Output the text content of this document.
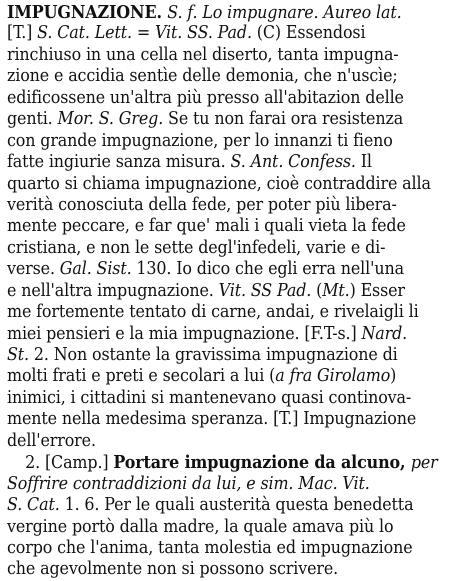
IMPUGNAZIONE. S. f. Lo impugnare. Aureo lat.
[T.] S. Cat. Lett. = Vit. SS. Pad. (C) Essendosi
rinchiuso in una cella nel diserto, tanta impugna-
zione e accidia sentìe delle demonia, che n'uscìe;
edificossene un'altra più presso all'abitazion delle
genti. Mor. S. Greg. Se tu non farai ora resistenza
con grande impugnazione, per lo innanzi ti fieno
fatte ingiurie sanza misura. S. Ant. Confess. Il
quarto si chiama impugnazione, cioè contraddire alla
verità conosciuta della fede, per poter più libera-
mente peccare, e far que' mali i quali vieta la fede
cristiana, e non le sette degl'infedeli, varie e di-
verse. Gal. Sist. 130. Io dico che egli erra nell'una
e nell'altra impugnazione. Vit. SS Pad. (Mt.) Esser
me fortemente tentato di carne, andai, e rivelaigli li
miei pensieri e la mia impugnazione. [F.T-s.] Nard.
St. 2. Non ostante la gravissima impugnazione di
molti frati e preti e secolari a lui (a fra Girolamo)
inimici, i cittadini si mantenevano quasi continova-
mente nella medesima speranza. [T.] Impugnazione
dell'errore.
2. [Camp.] Portare impugnazione da alcuno, per
Soffrire contraddizioni da lui, e sim. Mac. Vit.
S. Cat. 1. 6. Per le quali austerità questa benedetta
vergine portò dalla madre, la quale amava più lo
corpo che l'anima, tanta molestia ed impugnazione
che agevolmente non si possono scrivere.
